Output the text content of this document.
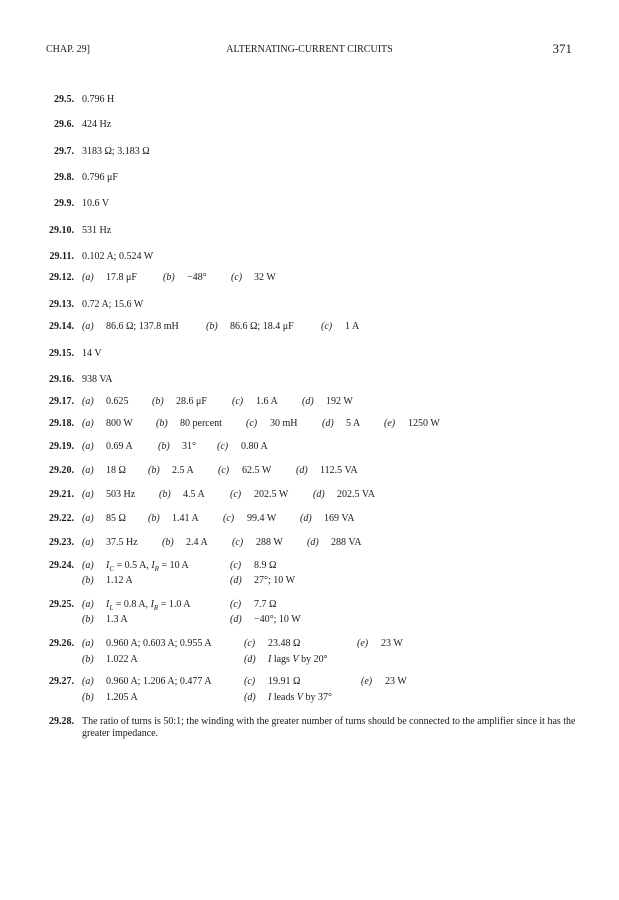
CHAP. 29]	ALTERNATING-CURRENT CIRCUITS	371
29.5. 0.796 H
29.6. 424 Hz
29.7. 3183 Ω; 3.183 Ω
29.8. 0.796 μF
29.9. 10.6 V
29.10. 531 Hz
29.11. 0.102 A; 0.524 W
29.12. (a) 17.8 μF	(b) −48° (c) 32 W
29.13. 0.72 A; 15.6 W
29.14. (a) 86.6 Ω; 137.8 mH	(b) 86.6 Ω; 18.4 μF	(c) 1 A
29.15. 14 V
29.16. 938 VA
29.17. (a) 0.625 (b) 28.6 μF	(c) 1.6 A (d) 192 W
29.18. (a) 800 W (b) 80 percent (c) 30 mH (d) 5 A (e) 1250 W
29.19. (a) 0.69 A	(b) 31° (c) 0.80 A
29.20. (a) 18 Ω (b) 2.5 A (c) 62.5 W (d) 112.5 VA
29.21. (a) 503 Hz (b) 4.5 A	(c) 202.5 W (d) 202.5 VA
29.22. (a) 85 Ω (b) 1.41 A (c) 99.4 W (d) 169 VA
29.23. (a) 37.5 Hz (b) 2.4 A (c) 288 W (d) 288 VA
29.24. (a) $I_C = 0.5$ A, $I_R = 10$ A	(c) 8.9 Ω
(b) 1.12 A	(d) 27°; 10 W
29.25. (a) $I_L = 0.8$ A, $I_R = 1.0$ A	(c) 7.7 Ω
(b) 1.3 A	(d) −40°; 10 W
29.26. (a) 0.960 A; 0.603 A; 0.955 A	(c) 23.48 Ω	(e) 23 W
(b) 1.022 A	(d) I lags V by 20°
29.27. (a) 0.960 A; 1.206 A; 0.477 A	(c) 19.91 Ω	(e) 23 W
(b) 1.205 A	(d) I leads V by 37°
29.28. The ratio of turns is 50:1; the winding with the greater number of turns should be connected to the amplifier since it has the greater impedance.
